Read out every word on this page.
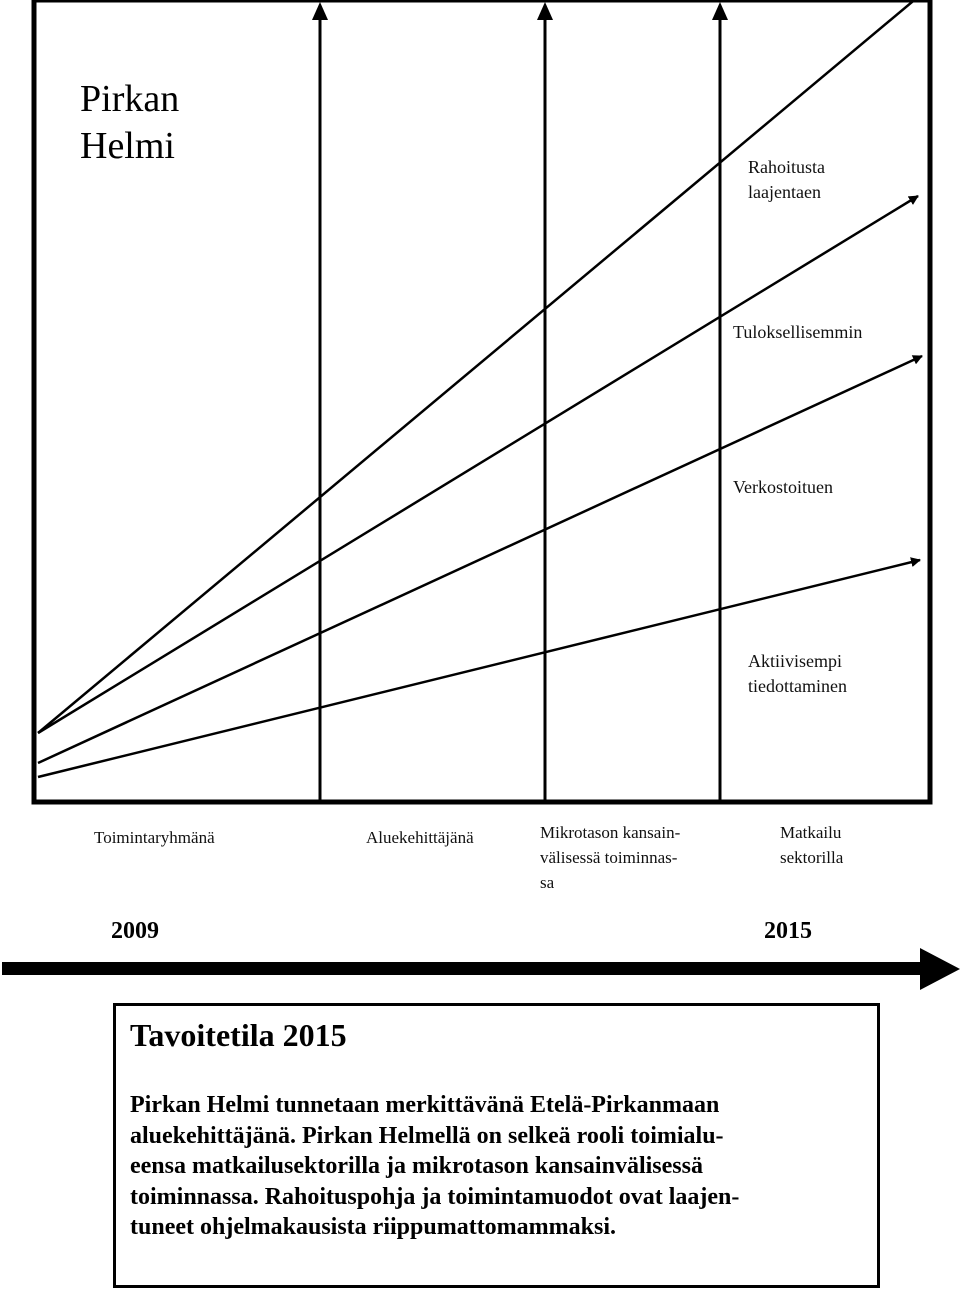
Pirkan
Helmi	Rahoitusta
laajentaen
Tuloksellisemmin
Verkostoituen
Aktiivisempi
tiedottaminen
Toimintaryhmänä	Aluekehittäjänä	Mikrotason kansain-
välisessä toiminnas-
sa
Matkailu
sektorilla
2009	2015
Tavoitetila 2015
Pirkan Helmi tunnetaan merkittävänä Etelä-Pirkanmaan
aluekehittäjänä. Pirkan Helmellä on selkeä rooli toimialu-
eensa matkailusektorilla ja mikrotason kansainvälisessä
toiminnassa. Rahoituspohja ja toimintamuodot ovat laajen-
tuneet ohjelmakausista riippumattomammaksi.
